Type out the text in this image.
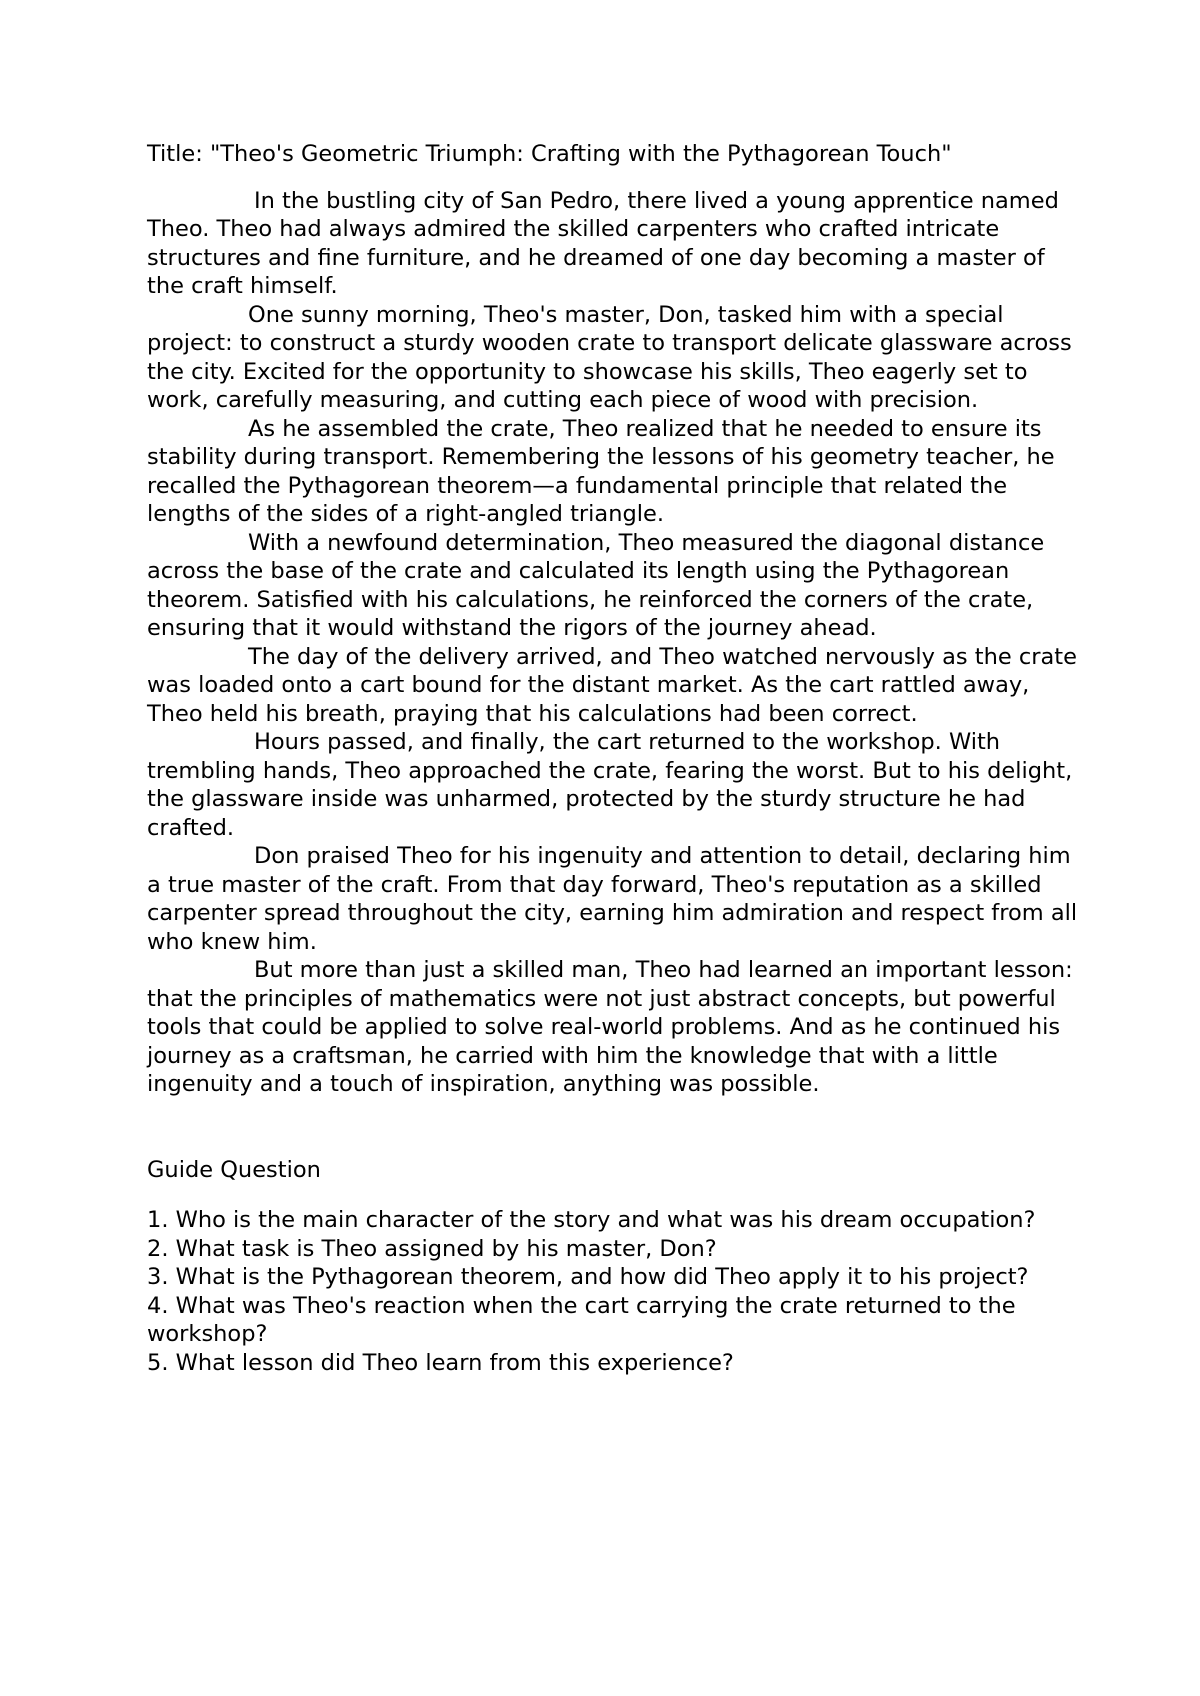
Title: "Theo's Geometric Triumph: Crafting with the Pythagorean Touch"

In the bustling city of San Pedro, there lived a young apprentice named Theo. Theo had always admired the skilled carpenters who crafted intricate structures and fine furniture, and he dreamed of one day becoming a master of the craft himself.

One sunny morning, Theo's master, Don, tasked him with a special project: to construct a sturdy wooden crate to transport delicate glassware across the city. Excited for the opportunity to showcase his skills, Theo eagerly set to work, carefully measuring, and cutting each piece of wood with precision.

As he assembled the crate, Theo realized that he needed to ensure its stability during transport. Remembering the lessons of his geometry teacher, he recalled the Pythagorean theorem—a fundamental principle that related the lengths of the sides of a right-angled triangle.

With a newfound determination, Theo measured the diagonal distance across the base of the crate and calculated its length using the Pythagorean theorem. Satisfied with his calculations, he reinforced the corners of the crate, ensuring that it would withstand the rigors of the journey ahead.

The day of the delivery arrived, and Theo watched nervously as the crate was loaded onto a cart bound for the distant market. As the cart rattled away, Theo held his breath, praying that his calculations had been correct.

Hours passed, and finally, the cart returned to the workshop. With trembling hands, Theo approached the crate, fearing the worst. But to his delight, the glassware inside was unharmed, protected by the sturdy structure he had crafted.

Don praised Theo for his ingenuity and attention to detail, declaring him a true master of the craft. From that day forward, Theo's reputation as a skilled carpenter spread throughout the city, earning him admiration and respect from all who knew him.

But more than just a skilled man, Theo had learned an important lesson: that the principles of mathematics were not just abstract concepts, but powerful tools that could be applied to solve real-world problems. And as he continued his journey as a craftsman, he carried with him the knowledge that with a little ingenuity and a touch of inspiration, anything was possible.

Guide Question

1. Who is the main character of the story and what was his dream occupation?
2. What task is Theo assigned by his master, Don?
3. What is the Pythagorean theorem, and how did Theo apply it to his project?
4. What was Theo's reaction when the cart carrying the crate returned to the workshop?
5. What lesson did Theo learn from this experience?
